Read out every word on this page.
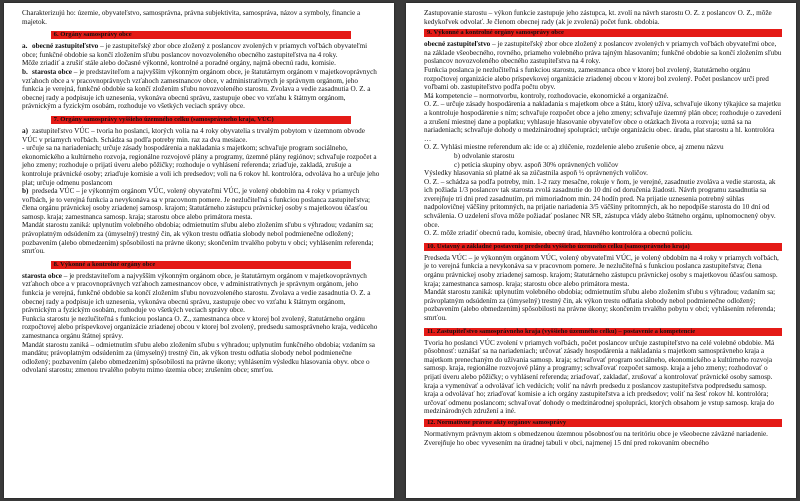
Charakterizujú ho: územie, obyvateľstvo, samosprávna, právna subjektivita, samospráva, názov a symboly, financie a majetok.

6. Orgány samosprávy obce

a. obecné zastupiteľstvo – je zastupiteľský zbor obce zložený z poslancov zvolených v priamych voľbách obyvateľmi obce; funkčné obdobie sa končí zložením sľubu poslancov novozvoleného obecného zastupiteľstva na 4 roky.

Môže zriadiť a zrušiť stále alebo dočasné výkonné, kontrolné a poradné orgány, najmä obecnú radu, komisie.

b. starosta obce – je predstaviteľom a najvyšším výkonným orgánom obce, je štatutárnym orgánom v majetkovoprávnych vzťahoch obce a v pracovnoprávnych vzťahoch zamestnancov obce, v administratívnych je správnym orgánom, jeho funkcia je verejná, funkčné obdobie sa končí zložením sľubu novozvoleného starostu. Zvolava a vedie zasadnutia O. Z. a obecnej rady a podpisuje ich uznesenia, vykonáva obecnú správu, zastupuje obec vo vzťahu k štátnym orgánom, právnickým a fyzickým osobám, rozhoduje vo všetkých veciach správy obce.

7. Orgány samosprávy vyššieho územného celku (samosprávneho kraja, VÚC)

a) zastupiteľstvo VÚC – tvoria ho poslanci, ktorých volia na 4 roky obyvatelia s trvalým pobytom v územnom obvode VÚC v priamych voľbách. Schádza sa podľa potreby min. raz za dva mesiace.

- určuje sa na nariadeniach; určuje zásady hospodárenia a nakladania s majetkom; schvaľuje program sociálneho, ekonomického a kultúrneho rozvoja, regionálne rozvojové plány a programy, územné plány regiónov; schvaľuje rozpočet a jeho zmeny; rozhoduje o prijatí úveru alebo pôžičky; rozhoduje o vyhlásení referenda; zriaďuje, zakladá, zrušuje a kontroluje právnické osoby; zriaďuje komisie a voli ich predsedov; voli na 6 rokov hl. kontrolóra, odvoláva ho a určuje jeho plat; určuje odmenu poslancom

b) predseda VÚC – je výkonným orgánom VÚC, volený obyvateľmi VÚC, je volený obdobím na 4 roky v priamych voľbách, je to verejná funkcia a nevykonáva sa v pracovnom pomere. Je nezlučiteľná s funkciou poslanca zastupiteľstva; člena orgánu právnickej osoby zriadenej samosp. krajom; štatutárneho zástupcu právnickej osoby s majetkovou účasťou samosp. kraja; zamestnanca samosp. kraja; starostu obce alebo primátora mesta.

Mandát starostu zaniká: uplynutím volebného obdobia; odmietnutím sľubu alebo zložením sľubu s výhradou; vzdaním sa; právoplatným odsúdením za (úmyselný) trestný čin, ak výkon trestu odňatia slobody nebol podmienečne odložený; pozbavením (alebo obmedzením) spôsobilosti na právne úkony; skončením trvalého pobytu v obci; vyhlásením referenda; smrťou.

8. Výkonné a kontrolné orgány obce

starosta obce – je predstaviteľom a najvyšším výkonným orgánom obce, je štatutárnym orgánom v majetkovoprávnych vzťahoch obce a v pracovnoprávnych vzťahoch zamestnancov obce, v administratívnych je správnym orgánom, jeho funkcia je verejná, funkčné obdobie sa končí zložením sľubu novozvoleného starostu. Zvolava a vedie zasadnutia O. Z. a obecnej rady a podpisuje ich uznesenia, vykonáva obecnú správu, zastupuje obec vo vzťahu k štátnym orgánom, právnickým a fyzickým osobám, rozhoduje vo všetkých veciach správy obce.

Funkcia starostu je nezlučiteľná s funkciou poslanca O. Z., zamestnanca obce v ktorej bol zvolený, štatutárneho orgánu rozpočtovej alebo príspevkovej organizácie zriadenej obcou v ktorej bol zvolený, predsedu samosprávneho kraja, vedúceho zamestnanca orgánu štátnej správy.

Mandát starostu zaniká – odmietnutím sľubu alebo zložením sľubu s výhradou; uplynutím funkčného obdobia; vzdaním sa mandátu; právoplatným odsúdením za (úmyselný) trestný čin, ak výkon trestu odňatia slobody nebol podmienečne odložený; pozbavením (alebo obmedzením) spôsobilosti na právne úkony; vyhlásením výsledku hlasovania obyv. obce o odvolaní starostu; zmenou trvalého pobytu mimo územia obce; zrušením obce; smrťou.

Zastupovanie starostu – výkon funkcie zastupuje jeho zástupca, kt. zvolí na návrh starostu O. Z. z poslancov O. Z., môže kedykoľvek odvolať. Je členom obecnej rady (ak je zvolená) počet funk. obdobia.

9. Výkonné a kontrolné orgány samosprávy obce

obecné zastupiteľstvo – je zastupiteľský zbor obce zložený z poslancov zvolených v priamych voľbách obyvateľmi obce, na základe všeobecného, rovného, priameho volebného práva tajným hlasovaním; funkčné obdobie sa končí zložením sľubu poslancov novozvoleného obecného zastupiteľstva na 4 roky.

Funkcia poslanca je nezlučiteľná s funkciou starostu, zamestnanca obce v ktorej bol zvolený, štatutárneho orgánu rozpočtovej organizácie alebo príspevkovej organizácie zriadenej obcou v ktorej bol zvolený. Počet poslancov určí pred voľbami ob. zastupiteľstvo podľa počtu obyv.

Má kompetencie – normotvorbu, kontroly, rozhodovacie, ekonomické a organizačné.

O. Z. – určuje zásady hospodárenia a nakladania s majetkom obce a štátu, ktorý užíva, schvaľuje úkony týkajúce sa majetku a kontroluje hospodárenie s ním; schvaľuje rozpočet obce a jeho zmeny; schvaľuje územný plán obce; rozhoduje o zavedení a zrušení miestnej dane a poplatku; vyhlasuje hlasovanie obyvateľov obce o otázkach života a rozvoja; uzná sa na nariadeniach; schvaľuje dohody o medzinárodnej spolupráci; určuje organizáciu obec. úradu, plat starostu a hl. kontrolóra …

O. Z. Vyhlási miestne referendum ak: ide o: a) zlúčenie, rozdelenie alebo zrušenie obce, aj zmenu názvu

b) odvolanie starostu

c) petícia skupiny obyv. aspoň 30% oprávnených voličov

Výsledky hlasovania sú platné ak sa zúčastnila aspoň ½ oprávnených voličov.

O. Z. – schádza sa podľa potreby, min. 1-2 razy mesačne, rokuje v ňom, je verejné, zasadnutie zvoláva a vedie starosta, ak ich požiada 1/3 poslancov tak starosta zvolá zasadnutie do 10 dní od doručenia žiadosti. Návrh programu zasadnutia sa zverejňuje tri dni pred zasadnutím, pri mimoriadnom min. 24 hodín pred. Na prijatie uznesenia potrebný súhlas nadpolovičnej väčšiny prítomných, na prijatie nariadenia 3/5 väčšiny prítomných, ak ho nepodpíše starosta do 10 dní od schválenia. O uzdelení sľova môže požiadať poslanec NR SR, zástupca vlády alebo štátneho orgánu, uplnomocnený obyv. obce.

O. Z. môže zriadiť obecnú radu, komisie, obecný úrad, hlavného kontrolóra a obecnú políciu.

10. Ustavný a základné postavenie predsedu vyššieho územného celku (samosprávneho kraja)

Predseda VÚC – je výkonným orgánom VÚC, volený obyvateľmi VÚC, je volený obdobím na 4 roky v priamych voľbách, je to verejná funkcia a nevykonáva sa v pracovnom pomere. Je nezlučiteľná s funkciou poslanca zastupiteľstva; člena orgánu právnickej osoby zriadenej samosp. krajom; štatutárneho zástupcu právnickej osoby s majetkovou účasťou samosp. kraja; zamestnanca samosp. kraja; starostu obce alebo primátora mesta.

Mandát starostu zaniká: uplynutím volebného obdobia; odmietnutím sľubu alebo zložením sľubu s výhradou; vzdaním sa; právoplatným odsúdením za (úmyselný) trestný čin, ak výkon trestu odňatia slobody nebol podmienečne odložený; pozbavením (alebo obmedzením) spôsobilosti na právne úkony; skončením trvalého pobytu v obci; vyhlásením referenda; smrťou.

11. Zastupiteľstvo samosprávneho kraja (vyššieho územného celku) – postavenie a kompetencie

Tvoria ho poslanci VÚC zvolení v priamych voľbách, počet poslancov určuje zastupiteľstvo na celé volebné obdobie. Má pôsobnosť: uznášať sa na nariadeniach; určovať zásady hospodárenia a nakladania s majetkom samosprávneho kraja a majetkom prenechaným do užívania samosp. kraja; schvaľovať program sociálneho, ekonomického a kultúrneho rozvoja samosp. kraja, regionálne rozvojové plány a programy; schvaľovať rozpočet samosp. kraja a jeho zmeny; rozhodovať o prijatí úveru alebo pôžičky; o vyhlásení referenda; zriaďovať, zakladať, zrušovať a kontrolovať právnické osoby samosp. kraja a vymenúvať a odvolávať ich vedúcich; voliť na návrh predsedu z poslancov zastupiteľstva podpredsedu samosp. kraja a odvolávať ho; zriaďovať komisie a ich orgány zastupiteľstva a ich predsedov; voliť na šesť rokov hl. kontrolóra; určovať odmenu poslancom; schvaľovať dohody o medzinárodnej spolupráci, ktorých obsahom je vstup samosp. kraja do medzinárodných združení a iné.

12. Normatívne právne akty orgánov samosprávy

Normatívnym právnym aktom s obmedzenou územnou pôsobnosťou na teritóriu obce je všeobecne záväzné nariadenie. Zverejňuje ho obec vyvesením na úradnej tabuli v obci, najmenej 15 dní pred rokovaním obecného
